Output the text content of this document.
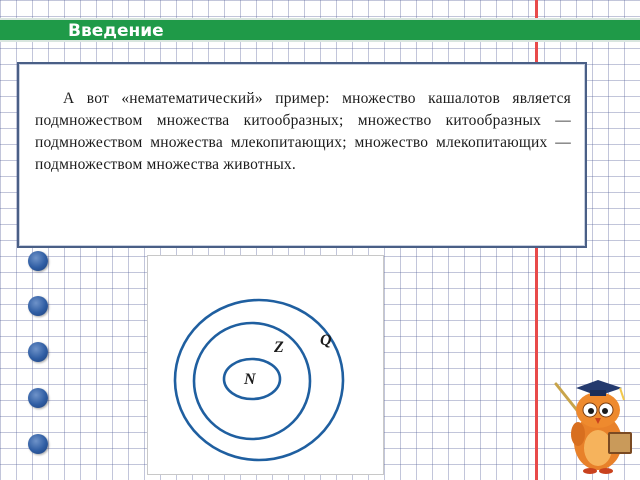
Введение

А вот «нематематический» пример: множество кашалотов является подмножеством множества китообразных; множество китообразных — подмножеством множества млекопитающих; множество млекопитающих — подмножеством множества животных.

N
Z Q
